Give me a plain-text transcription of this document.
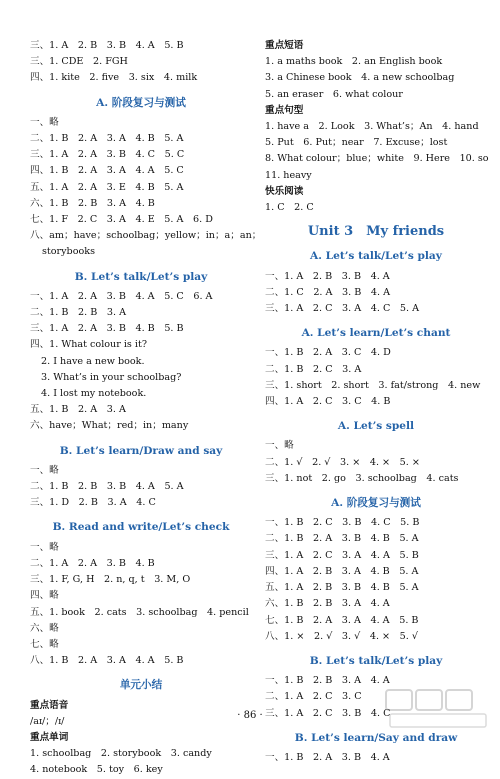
三、1. A　2. B　3. B　4. A　5. B
三、1. CDE　2. FGH
四、1. kite　2. five　3. six　4. milk
A. 阶段复习与测试
一、略
二、1. B　2. A　3. A　4. B　5. A
三、1. A　2. A　3. B　4. C　5. C
四、1. B　2. A　3. A　4. A　5. C
五、1. A　2. A　3. E　4. B　5. A
六、1. B　2. B　3. A　4. B
七、1. F　2. C　3. A　4. E　5. A　6. D
八、am；have；schoolbag；yellow；in；a；an；
storybooks
B. Let’s talk/Let’s play
一、1. A　2. A　3. B　4. A　5. C　6. A
二、1. B　2. B　3. A
三、1. A　2. A　3. B　4. B　5. B
四、1. What colour is it?
2. I have a new book.
3. What’s in your schoolbag?
4. I lost my notebook.
五、1. B　2. A　3. A
六、have；What；red；in；many
B. Let’s learn/Draw and say
一、略
二、1. B　2. B　3. B　4. A　5. A
三、1. D　2. B　3. A　4. C
B. Read and write/Let’s check
一、略
二、1. A　2. A　3. B　4. B
三、1. F, G, H　2. n, q, t　3. M, O
四、略
五、1. book　2. cats　3. schoolbag　4. pencil
六、略
七、略
八、1. B　2. A　3. A　4. A　5. B
单元小结
重点语音
/aɪ/；/ɪ/
重点单词
1. schoolbag　2. storybook　3. candy
4. notebook　5. toy　6. key
重点短语
1. a maths book　2. an English book
3. a Chinese book　4. a new schoolbag
5. an eraser　6. what colour
重点句型
1. have a　2. Look　3. What’s；An　4. hand
5. Put　6. Put；near　7. Excuse；lost
8. What colour；blue；white　9. Here　10. so
11. heavy
快乐阅读
1. C　2. C
Unit 3　My friends
A. Let’s talk/Let’s play
一、1. A　2. B　3. B　4. A
二、1. C　2. A　3. B　4. A
三、1. A　2. C　3. A　4. C　5. A
A. Let’s learn/Let’s chant
一、1. B　2. A　3. C　4. D
二、1. B　2. C　3. A
三、1. short　2. short　3. fat/strong　4. new
四、1. A　2. C　3. C　4. B
A. Let’s spell
一、略
二、1. √　2. √　3. ×　4. ×　5. ×
三、1. not　2. go　3. schoolbag　4. cats
A. 阶段复习与测试
一、1. B　2. C　3. B　4. C　5. B
二、1. B　2. A　3. B　4. B　5. A
三、1. A　2. C　3. A　4. A　5. B
四、1. A　2. B　3. A　4. B　5. A
五、1. A　2. B　3. B　4. B　5. A
六、1. B　2. B　3. A　4. A
七、1. B　2. A　3. A　4. A　5. B
八、1. ×　2. √　3. √　4. ×　5. √
B. Let’s talk/Let’s play
一、1. B　2. B　3. A　4. A
二、1. A　2. C　3. C
三、1. A　2. C　3. B　4. C
B. Let’s learn/Say and draw
一、1. B　2. A　3. B　4. A
· 86 ·
